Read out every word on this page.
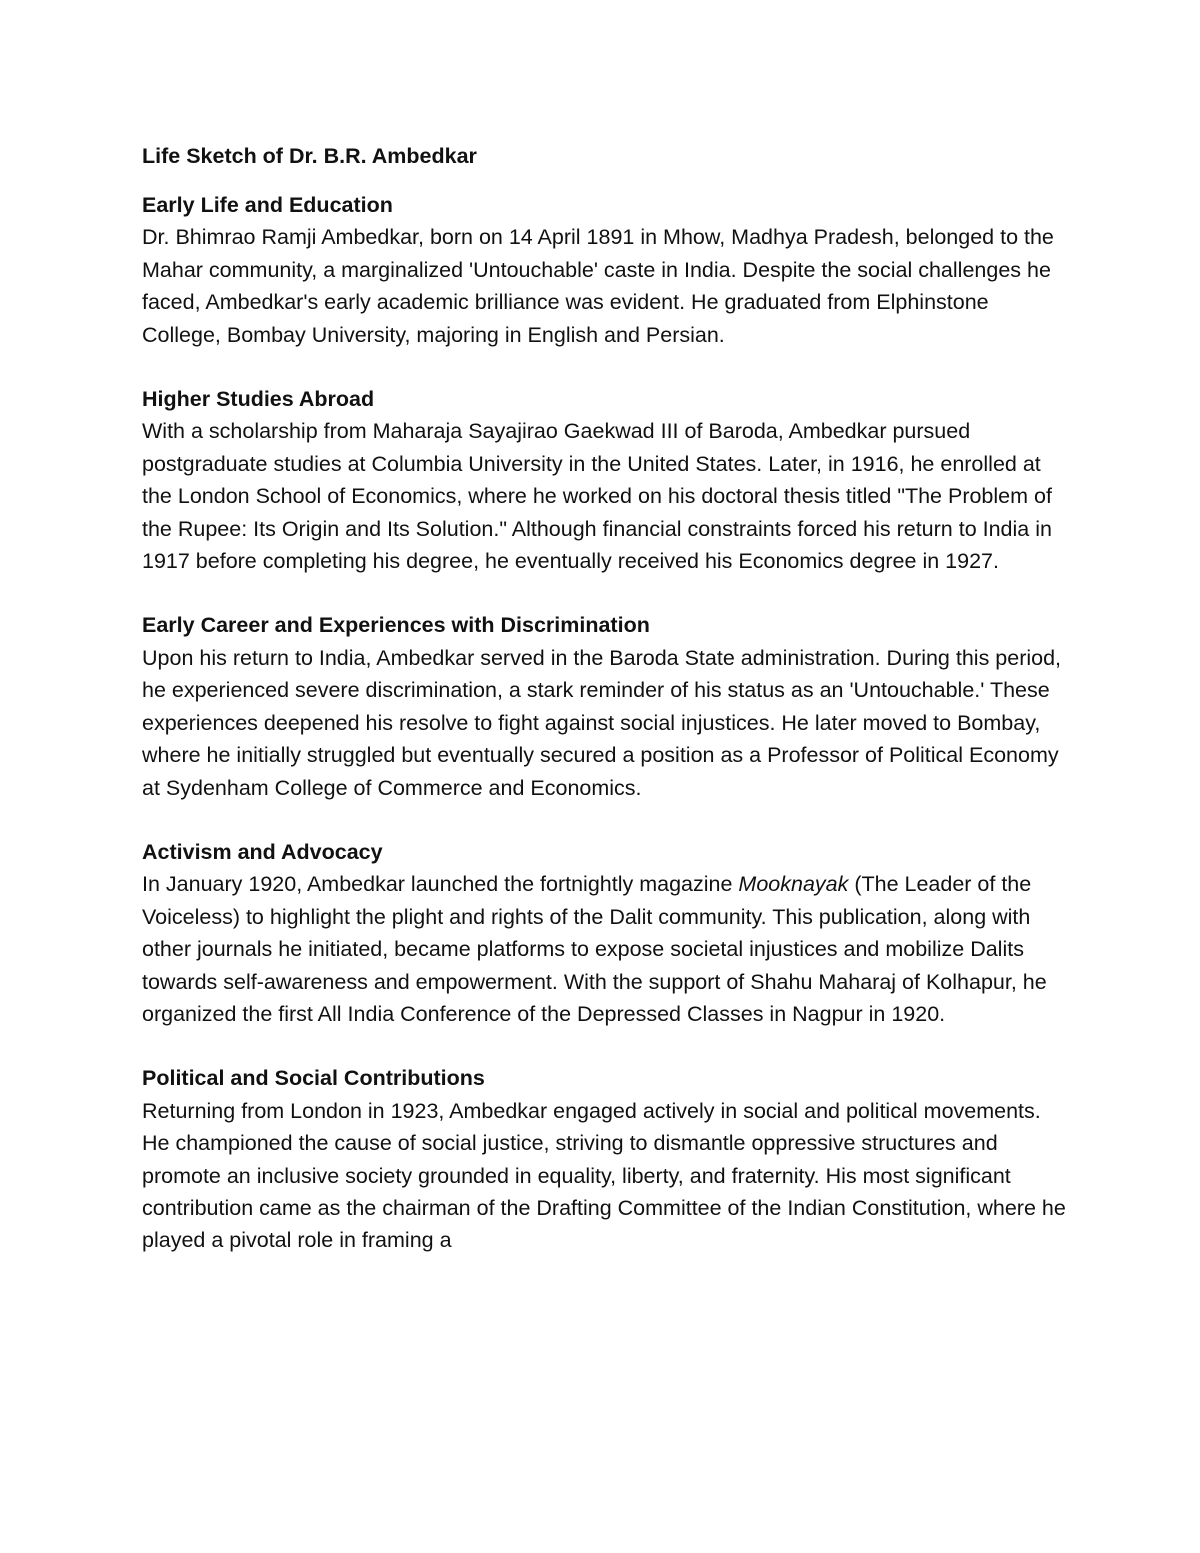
Life Sketch of Dr. B.R. Ambedkar
Early Life and Education
Dr. Bhimrao Ramji Ambedkar, born on 14 April 1891 in Mhow, Madhya Pradesh, belonged to the Mahar community, a marginalized 'Untouchable' caste in India. Despite the social challenges he faced, Ambedkar's early academic brilliance was evident. He graduated from Elphinstone College, Bombay University, majoring in English and Persian.
Higher Studies Abroad
With a scholarship from Maharaja Sayajirao Gaekwad III of Baroda, Ambedkar pursued postgraduate studies at Columbia University in the United States. Later, in 1916, he enrolled at the London School of Economics, where he worked on his doctoral thesis titled "The Problem of the Rupee: Its Origin and Its Solution." Although financial constraints forced his return to India in 1917 before completing his degree, he eventually received his Economics degree in 1927.
Early Career and Experiences with Discrimination
Upon his return to India, Ambedkar served in the Baroda State administration. During this period, he experienced severe discrimination, a stark reminder of his status as an 'Untouchable.' These experiences deepened his resolve to fight against social injustices. He later moved to Bombay, where he initially struggled but eventually secured a position as a Professor of Political Economy at Sydenham College of Commerce and Economics.
Activism and Advocacy
In January 1920, Ambedkar launched the fortnightly magazine Mooknayak (The Leader of the Voiceless) to highlight the plight and rights of the Dalit community. This publication, along with other journals he initiated, became platforms to expose societal injustices and mobilize Dalits towards self-awareness and empowerment. With the support of Shahu Maharaj of Kolhapur, he organized the first All India Conference of the Depressed Classes in Nagpur in 1920.
Political and Social Contributions
Returning from London in 1923, Ambedkar engaged actively in social and political movements. He championed the cause of social justice, striving to dismantle oppressive structures and promote an inclusive society grounded in equality, liberty, and fraternity. His most significant contribution came as the chairman of the Drafting Committee of the Indian Constitution, where he played a pivotal role in framing a
